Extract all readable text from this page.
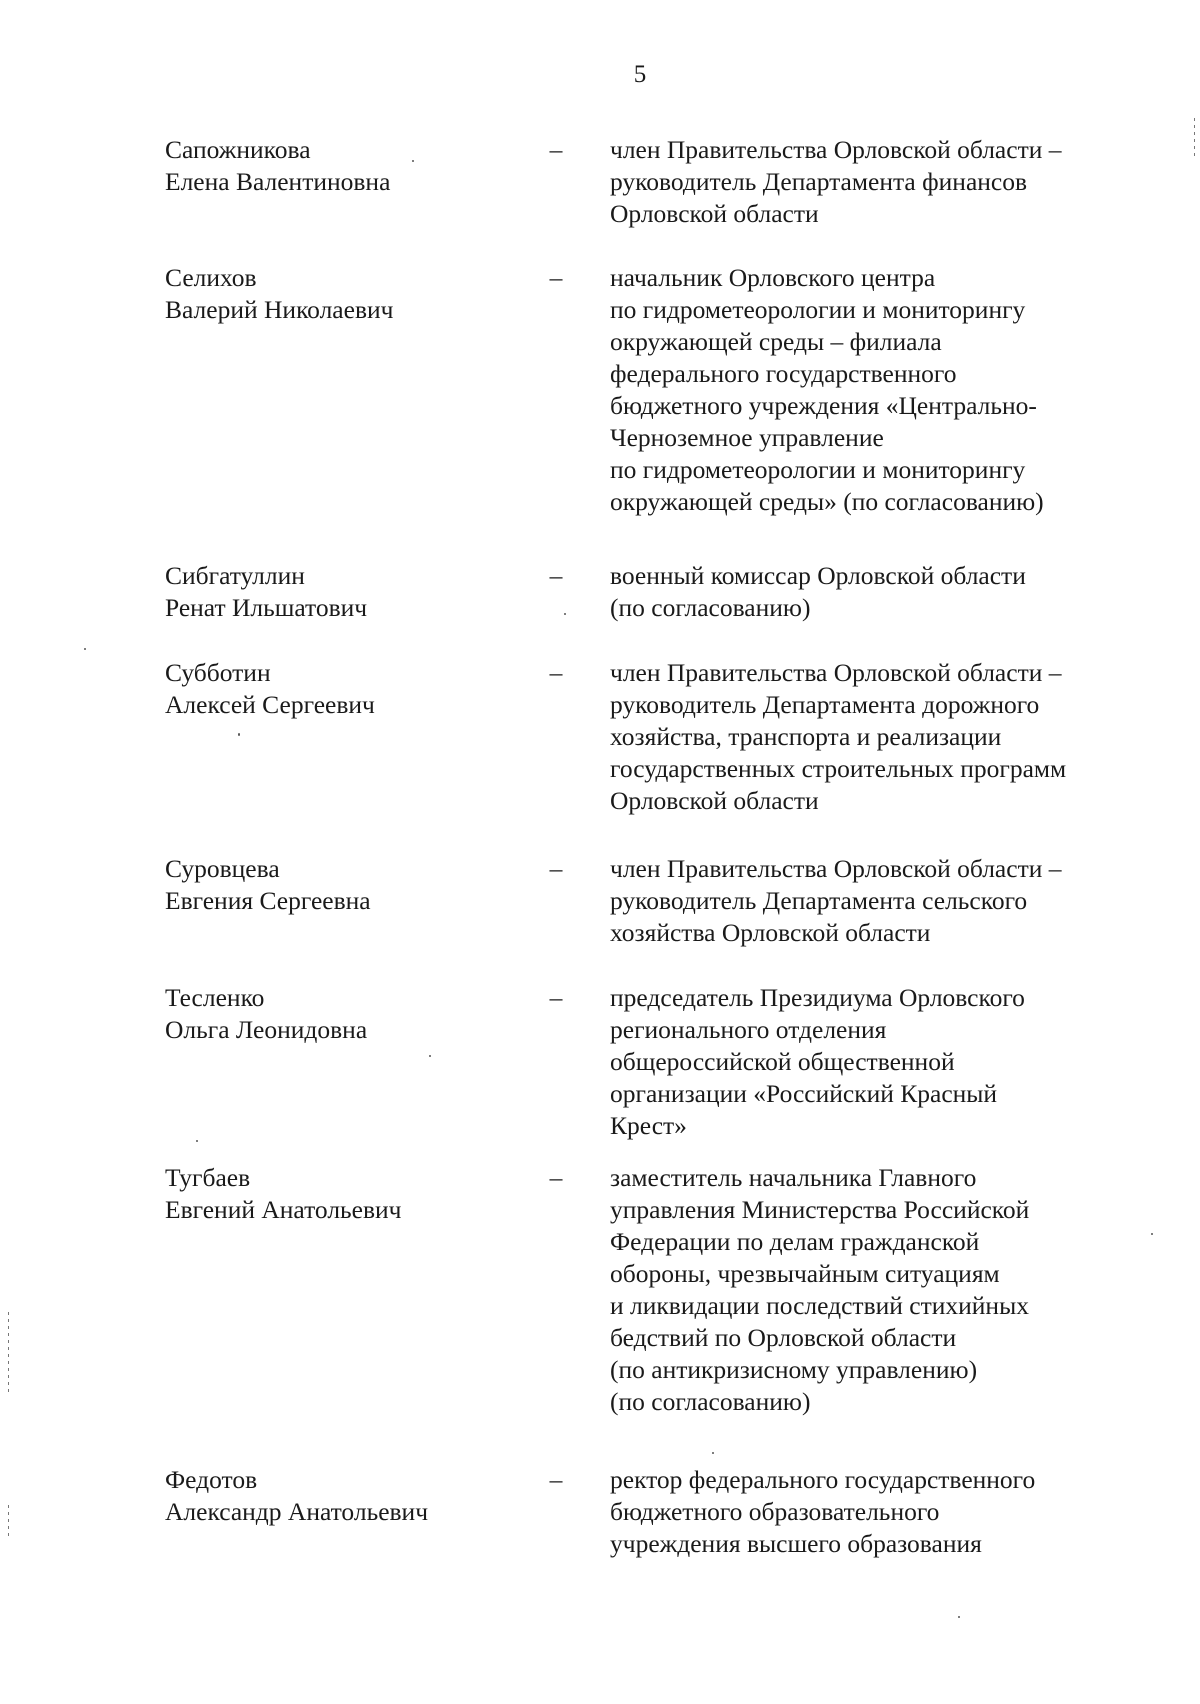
5
Сапожникова
Елена Валентиновна
–	член Правительства Орловской области –
руководитель Департамента финансов
Орловской области
Селихов
Валерий Николаевич
–	начальник Орловского центра
по гидрометеорологии и мониторингу
окружающей среды – филиала
федерального государственного
бюджетного учреждения «Центрально-
Черноземное управление
по гидрометеорологии и мониторингу
окружающей среды» (по согласованию)
Сибгатуллин
Ренат Ильшатович
–	военный комиссар Орловской области
(по согласованию)
Субботин
Алексей Сергеевич
–	член Правительства Орловской области –
руководитель Департамента дорожного
хозяйства, транспорта и реализации
государственных строительных программ
Орловской области
Суровцева
Евгения Сергеевна
–	член Правительства Орловской области –
руководитель Департамента сельского
хозяйства Орловской области
Тесленко
Ольга Леонидовна
–	председатель Президиума Орловского
регионального отделения
общероссийской общественной
организации «Российский Красный
Крест»
Тугбаев
Евгений Анатольевич
–	заместитель начальника Главного
управления Министерства Российской
Федерации по делам гражданской
обороны, чрезвычайным ситуациям
и ликвидации последствий стихийных
бедствий по Орловской области
(по антикризисному управлению)
(по согласованию)
Федотов
Александр Анатольевич
–	ректор федерального государственного
бюджетного образовательного
учреждения высшего образования
